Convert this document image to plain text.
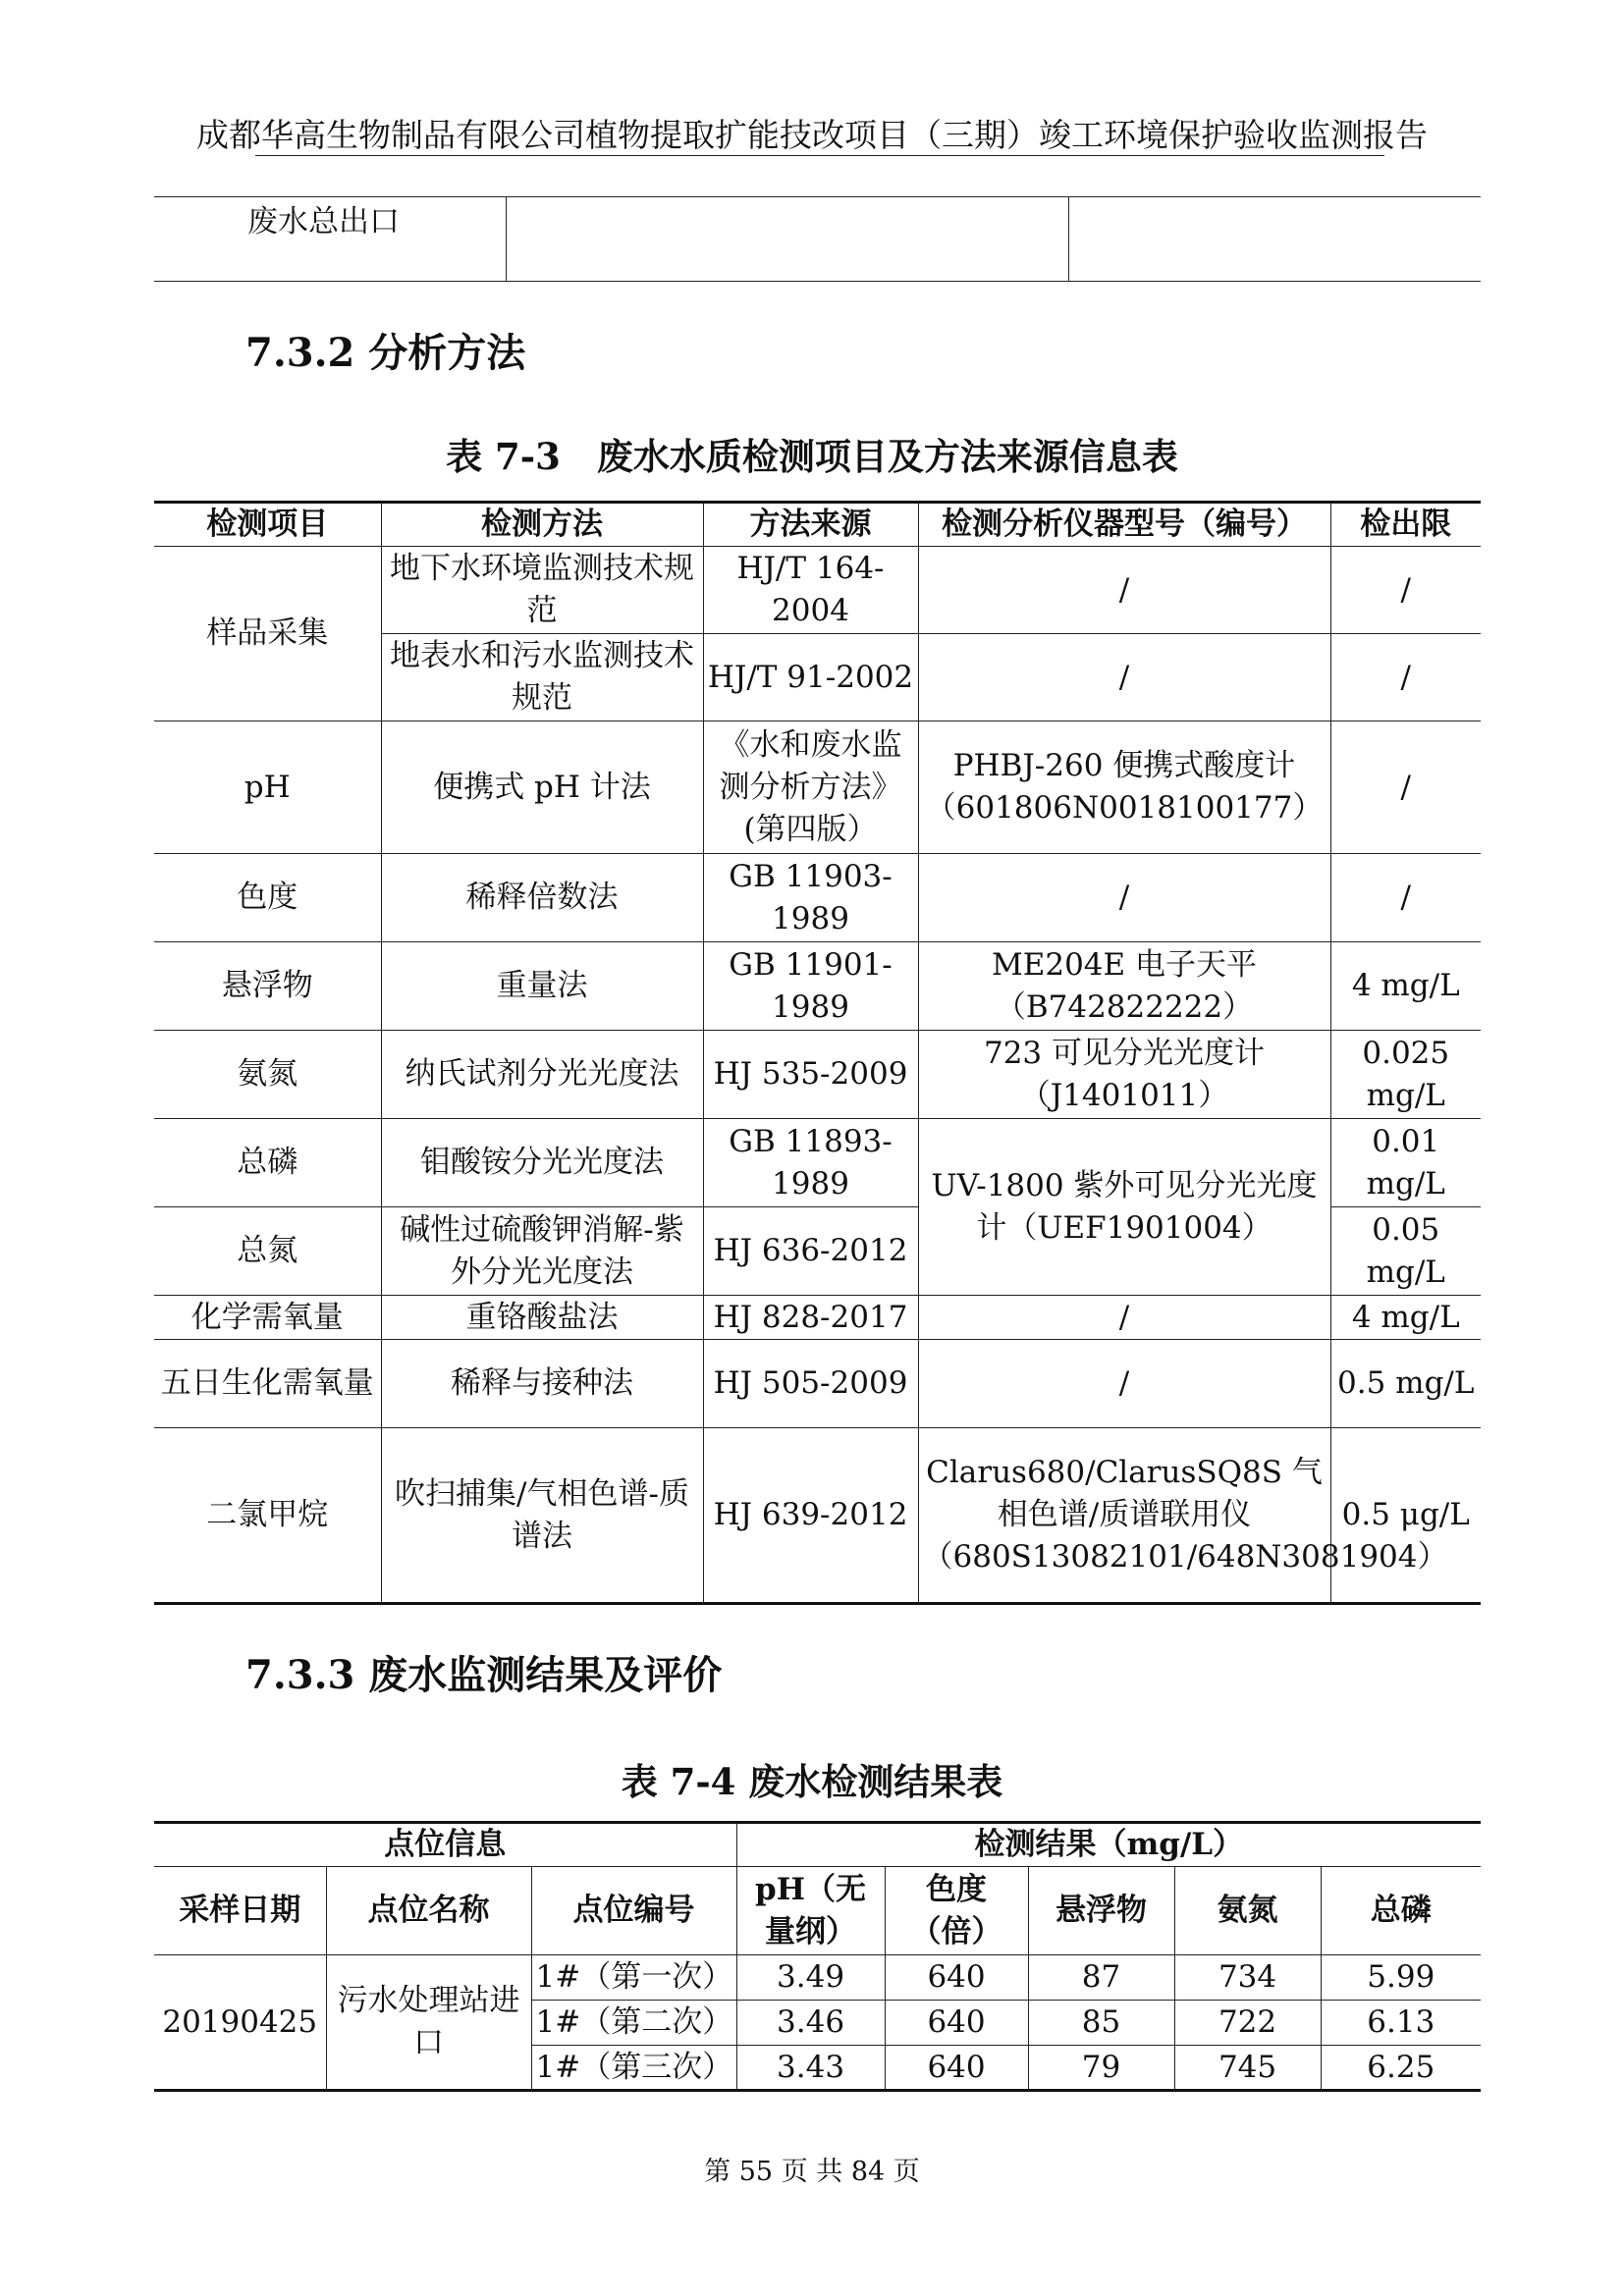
成都华高生物制品有限公司植物提取扩能技改项目（三期）竣工环境保护验收监测报告
废水总出口		
7.3.2 分析方法
表 7-3　废水水质检测项目及方法来源信息表
检测项目	检测方法	方法来源	检测分析仪器型号（编号）	检出限
样品采集	地下水环境监测技术规范	HJ/T 164-2004	/	/
	地表水和污水监测技术规范	HJ/T 91-2002	/	/
pH	便携式 pH 计法	《水和废水监测分析方法》(第四版）	PHBJ-260 便携式酸度计（601806N0018100177）	/
色度	稀释倍数法	GB 11903-1989	/	/
悬浮物	重量法	GB 11901-1989	ME204E 电子天平（B742822222）	4 mg/L
氨氮	纳氏试剂分光光度法	HJ 535-2009	723 可见分光光度计（J1401011）	0.025 mg/L
总磷	钼酸铵分光光度法	GB 11893-1989	UV-1800 紫外可见分光光度计（UEF1901004）	0.01 mg/L
总氮	碱性过硫酸钾消解-紫外分光光度法	HJ 636-2012		0.05 mg/L
化学需氧量	重铬酸盐法	HJ 828-2017	/	4 mg/L
五日生化需氧量	稀释与接种法	HJ 505-2009	/	0.5 mg/L
二氯甲烷	吹扫捕集/气相色谱-质谱法	HJ 639-2012	Clarus680/ClarusSQ8S 气相色谱/质谱联用仪（680S13082101/648N3081904）	0.5 μg/L
7.3.3 废水监测结果及评价
表 7-4 废水检测结果表
点位信息			检测结果（mg/L）				
采样日期	点位名称	点位编号	pH（无量纲）	色度（倍）	悬浮物	氨氮	总磷
20190425	污水处理站进口	1#（第一次）	3.49	640	87	734	5.99
		1#（第二次）	3.46	640	85	722	6.13
		1#（第三次）	3.43	640	79	745	6.25
第 55 页 共 84 页
